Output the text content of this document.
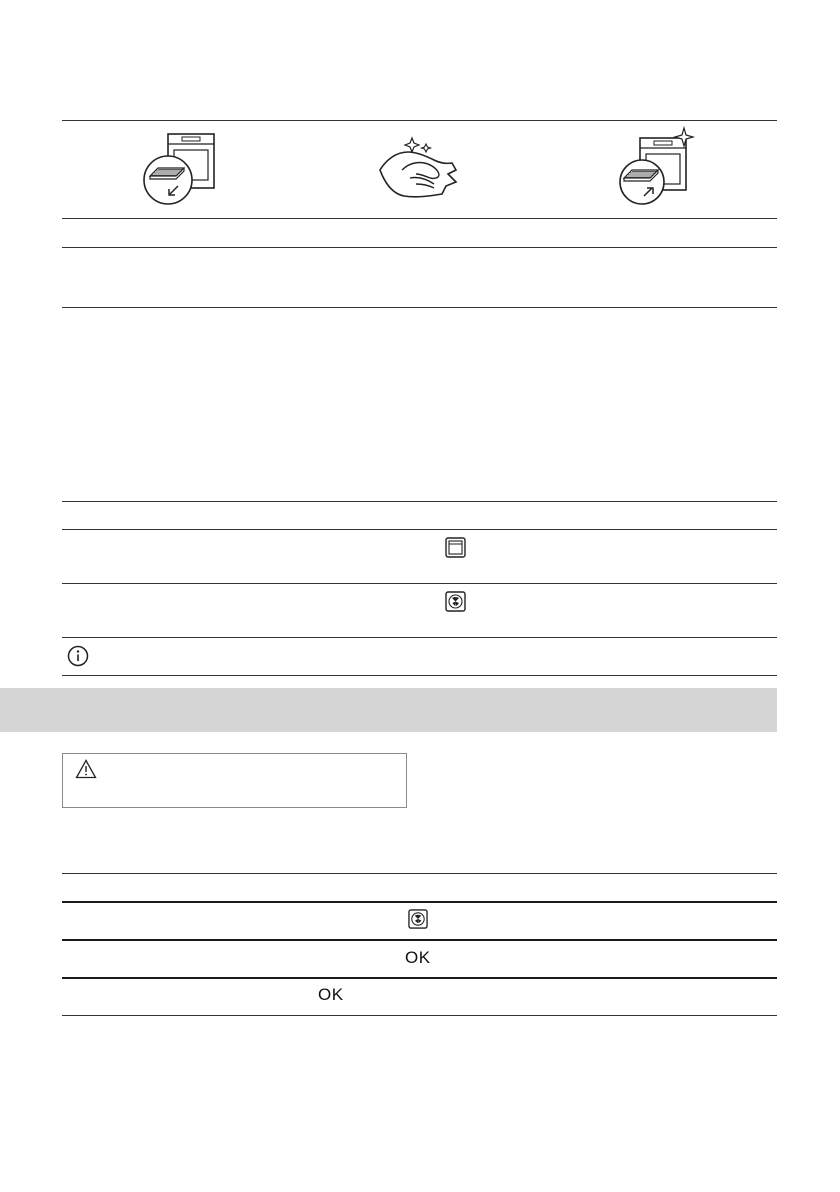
OK
OK
